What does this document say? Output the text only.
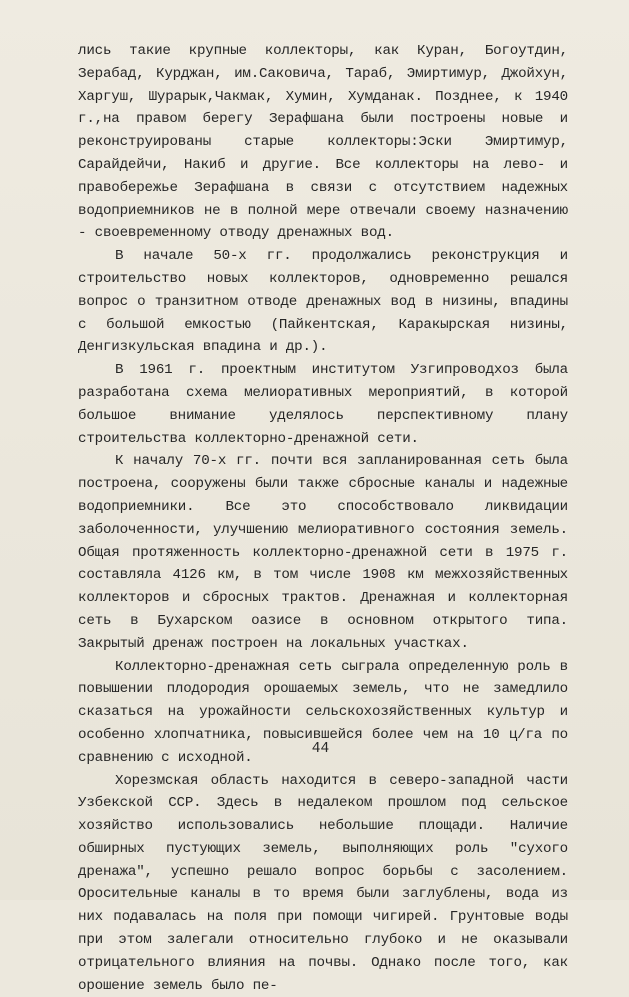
лись такие крупные коллекторы, как Куран, Богоутдин, Зерабад, Курджан, им.Саковича, Тараб, Эмиртимур, Джойхун, Харгуш, Шурарык,Чакмак, Хумин, Хумданак. Позднее, к 1940 г.,на правом берегу Зерафшана были построены новые и реконструированы старые коллекторы:Эски Эмиртимур, Сарайдейчи, Накиб и другие. Все коллекторы на лево- и правобережье Зерафшана в связи с отсутствием надежных водоприемников не в полной мере отвечали своему назначению - своевременному отводу дренажных вод.

В начале 50-х гг. продолжались реконструкция и строительство новых коллекторов, одновременно решался вопрос о транзитном отводе дренажных вод в низины, впадины с большой емкостью (Пайкентская, Каракырская низины, Денгизкульская впадина и др.).

В 1961 г. проектным институтом Узгипроводхоз была разработана схема мелиоративных мероприятий, в которой большое внимание уделялось перспективному плану строительства коллекторно-дренажной сети.

К началу 70-х гг. почти вся запланированная сеть была построена, сооружены были также сбросные каналы и надежные водоприемники. Все это способствовало ликвидации заболоченности, улучшению мелиоративного состояния земель. Общая протяженность коллекторно-дренажной сети в 1975 г. составляла 4126 км, в том числе 1908 км межхозяйственных коллекторов и сбросных трактов. Дренажная и коллекторная сеть в Бухарском оазисе в основном открытого типа. Закрытый дренаж построен на локальных участках.

Коллекторно-дренажная сеть сыграла определенную роль в повышении плодородия орошаемых земель, что не замедлило сказаться на урожайности сельскохозяйственных культур и особенно хлопчатника, повысившейся более чем на 10 ц/га по сравнению с исходной.

Хорезмская область находится в северо-западной части Узбекской ССР. Здесь в недалеком прошлом под сельское хозяйство использовались небольшие площади. Наличие обширных пустующих земель, выполняющих роль "сухого дренажа", успешно решало вопрос борьбы с засолением. Оросительные каналы в то время были заглублены, вода из них подавалась на поля при помощи чигирей. Грунтовые воды при этом залегали относительно глубоко и не оказывали отрицательного влияния на почвы. Однако после того, как орошение земель было пе-

44
